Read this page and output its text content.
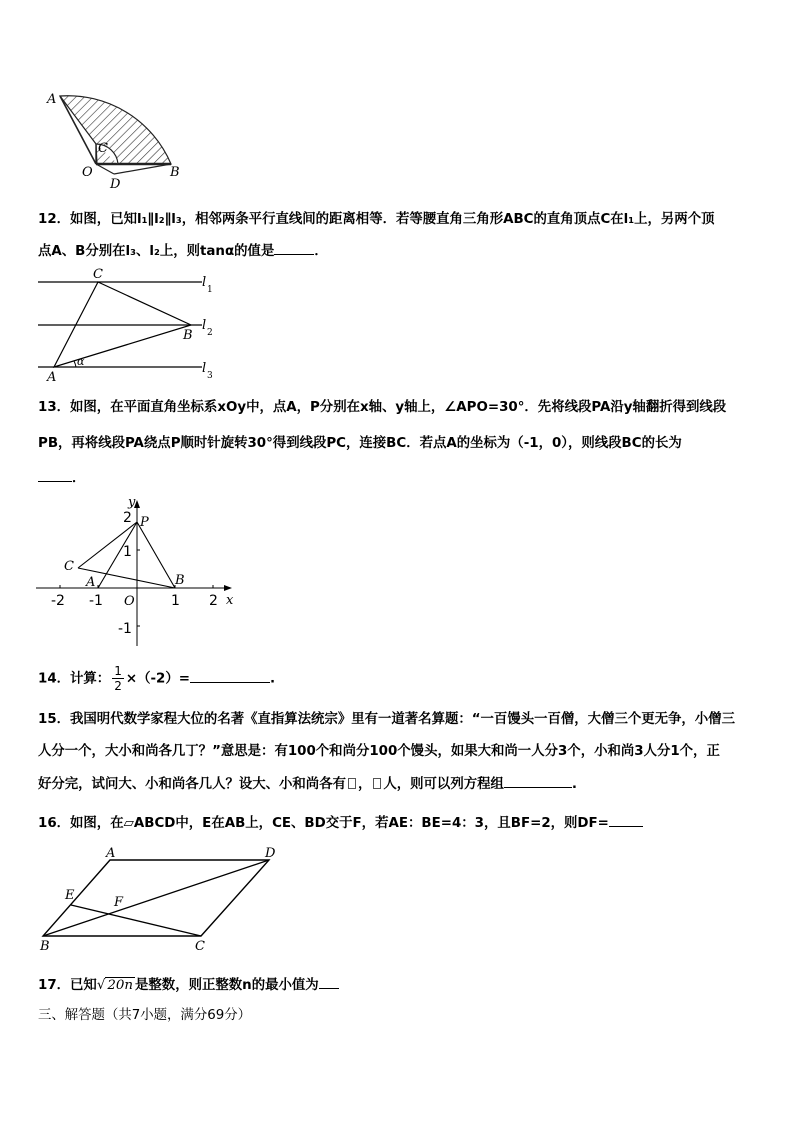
A
C
O
D
B
12．如图，已知l₁∥l₂∥l₃，相邻两条平行直线间的距离相等．若等腰直角三角形ABC的直角顶点C在l₁上，另两个顶
点A、B分别在l₃、l₂上，则tanα的值是	．
C
B
A
α
l 1
l 2
l 3
13．如图，在平面直角坐标系xOy中，点A，P分别在x轴、y轴上，∠APO=30°．先将线段PA沿y轴翻折得到线段
PB，再将线段PA绕点P顺时针旋转30°得到线段PC，连接BC．若点A的坐标为（-1，0），则线段BC的长为
．
y
x
P
C
A	B
O
2
1
-1
-2 -1	1 2
14．计算： $\frac{1}{2} \times(-2)=$	.
15．我国明代数学家程大位的名著《直指算法统宗》里有一道著名算题：“一百馒头一百僧，大僧三个更无争，小僧三
人分一个，大小和尚各几丁？”意思是：有100个和尚分100个馒头，如果大和尚一人分3个，小和尚3人分1个，正
好分完，试问大、小和尚各几人？设大、小和尚各有 ， 人，则可以列方程组	.
16．如图，在▱ABCD中，E在AB上，CE、BD交于F，若AE：BE=4：3，且BF=2，则DF=
A	D
E	F
B	C
17．已知√ 20n 是整数，则正整数n的最小值为
三、解答题（共7小题，满分69分）
